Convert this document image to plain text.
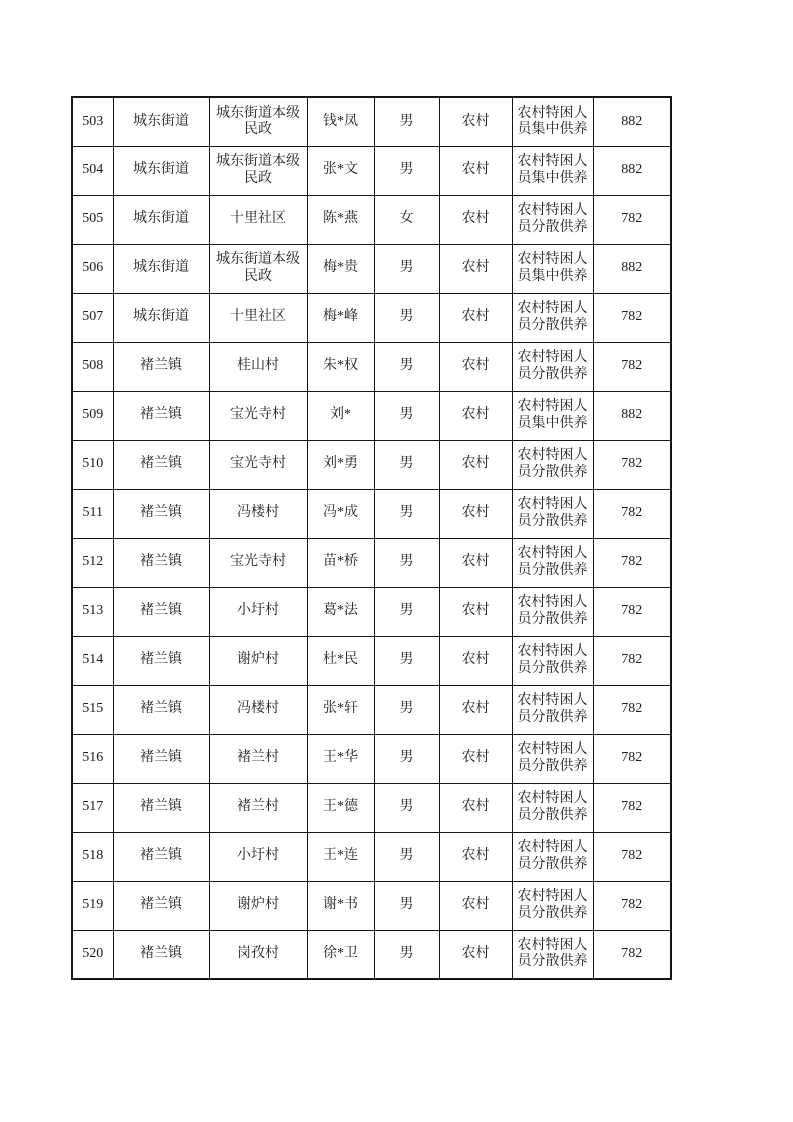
503	城东街道	城东街道本级民政	钱*凤	男	农村	农村特困人员集中供养	882
504	城东街道	城东街道本级民政	张*文	男	农村	农村特困人员集中供养	882
505	城东街道	十里社区	陈*燕	女	农村	农村特困人员分散供养	782
506	城东街道	城东街道本级民政	梅*贵	男	农村	农村特困人员集中供养	882
507	城东街道	十里社区	梅*峰	男	农村	农村特困人员分散供养	782
508	褚兰镇	桂山村	朱*权	男	农村	农村特困人员分散供养	782
509	褚兰镇	宝光寺村	刘*	男	农村	农村特困人员集中供养	882
510	褚兰镇	宝光寺村	刘*勇	男	农村	农村特困人员分散供养	782
511	褚兰镇	冯楼村	冯*成	男	农村	农村特困人员分散供养	782
512	褚兰镇	宝光寺村	苗*桥	男	农村	农村特困人员分散供养	782
513	褚兰镇	小圩村	葛*法	男	农村	农村特困人员分散供养	782
514	褚兰镇	谢炉村	杜*民	男	农村	农村特困人员分散供养	782
515	褚兰镇	冯楼村	张*轩	男	农村	农村特困人员分散供养	782
516	褚兰镇	褚兰村	王*华	男	农村	农村特困人员分散供养	782
517	褚兰镇	褚兰村	王*德	男	农村	农村特困人员分散供养	782
518	褚兰镇	小圩村	王*连	男	农村	农村特困人员分散供养	782
519	褚兰镇	谢炉村	谢*书	男	农村	农村特困人员分散供养	782
520	褚兰镇	岗孜村	徐*卫	男	农村	农村特困人员分散供养	782
